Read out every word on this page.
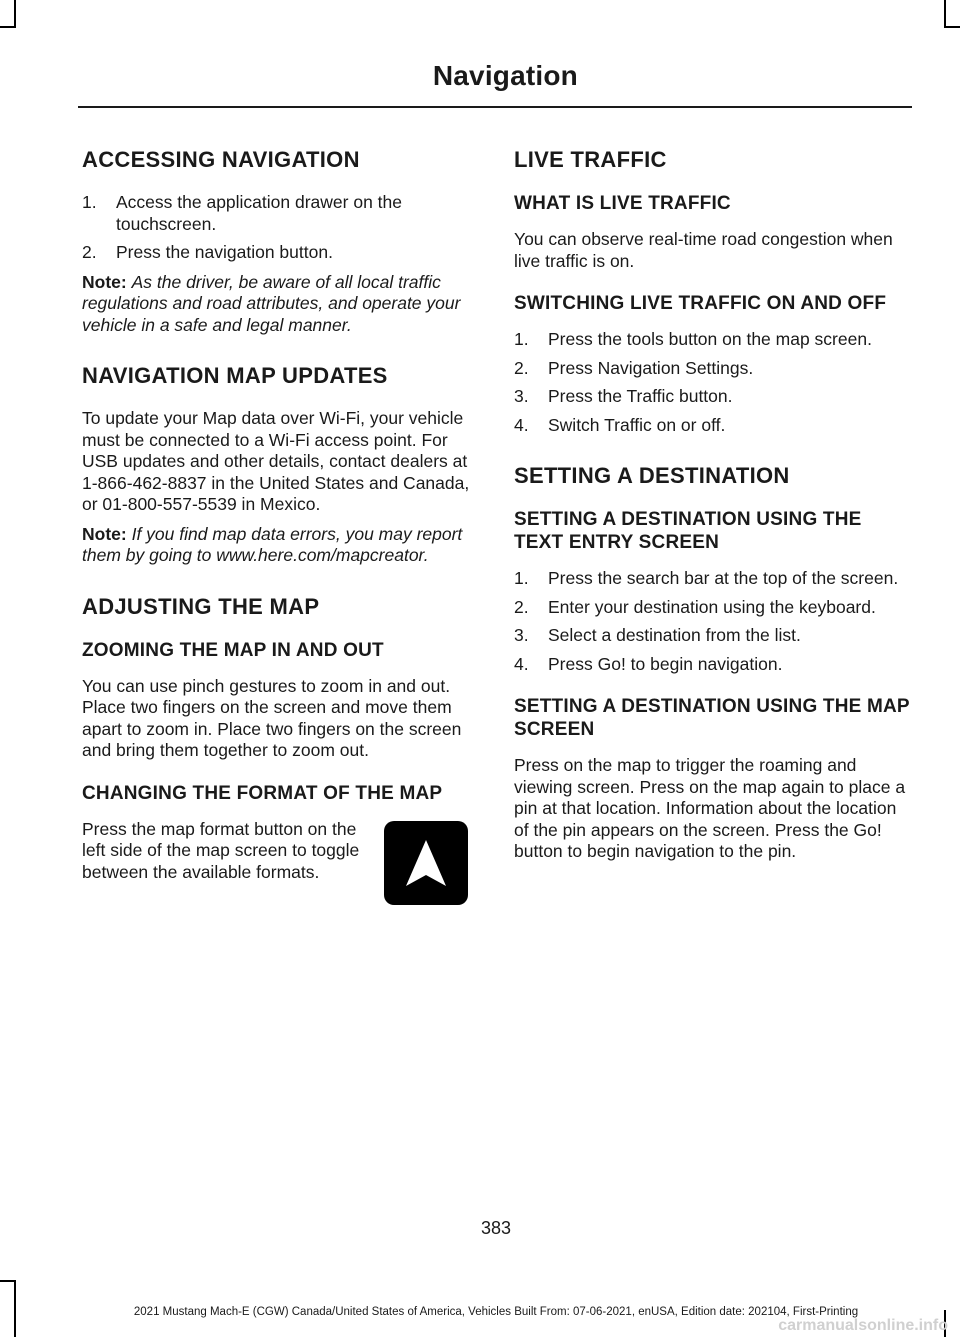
Navigation
ACCESSING NAVIGATION
1.	Access the application drawer on the touchscreen.
2.	Press the navigation button.

Note: As the driver, be aware of all local traffic regulations and road attributes, and operate your vehicle in a safe and legal manner.

NAVIGATION MAP UPDATES

To update your Map data over Wi-Fi, your vehicle must be connected to a Wi-Fi access point. For USB updates and other details, contact dealers at 1-866-462-8837 in the United States and Canada, or 01-800-557-5539 in Mexico.

Note: If you find map data errors, you may report them by going to www.here.com/mapcreator.

ADJUSTING THE MAP
ZOOMING THE MAP IN AND OUT

You can use pinch gestures to zoom in and out. Place two fingers on the screen and move them apart to zoom in. Place two fingers on the screen and bring them together to zoom out.

CHANGING THE FORMAT OF THE MAP

Press the map format button on the left side of the map screen to toggle between the available formats.

LIVE TRAFFIC
WHAT IS LIVE TRAFFIC

You can observe real-time road congestion when live traffic is on.

SWITCHING LIVE TRAFFIC ON AND OFF
1.	Press the tools button on the map screen.
2.	Press Navigation Settings.
3.	Press the Traffic button.
4.	Switch Traffic on or off.
SETTING A DESTINATION
SETTING A DESTINATION USING THE TEXT ENTRY SCREEN
1.	Press the search bar at the top of the screen.
2.	Enter your destination using the keyboard.
3.	Select a destination from the list.
4.	Press Go! to begin navigation.
SETTING A DESTINATION USING THE MAP SCREEN

Press on the map to trigger the roaming and viewing screen. Press on the map again to place a pin at that location. Information about the location of the pin appears on the screen. Press the Go! button to begin navigation to the pin.

383
2021 Mustang Mach-E (CGW) Canada/United States of America, Vehicles Built From: 07-06-2021, enUSA, Edition date: 202104, First-Printing
carmanualsonline.info
